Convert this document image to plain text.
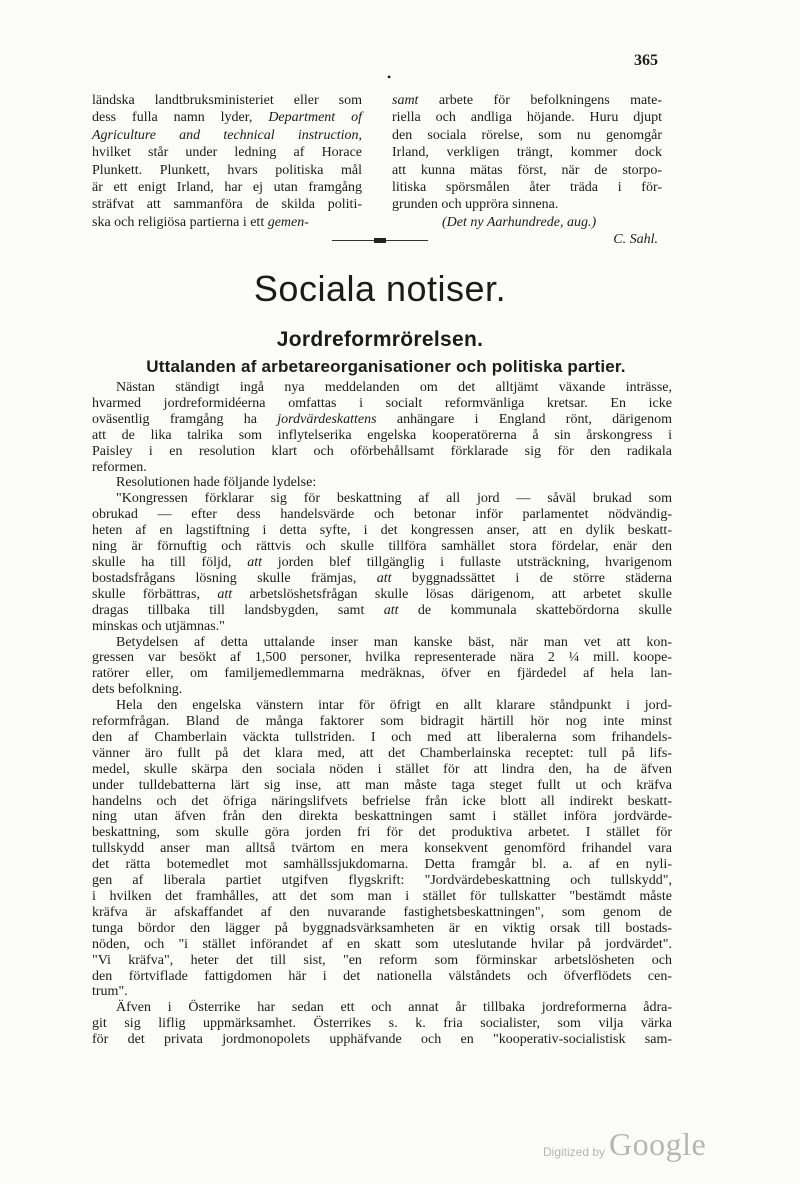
365
•
ländska landtbruksministeriet eller som
dess fulla namn lyder, Department of
Agriculture and technical instruction,
hvilket står under ledning af Horace
Plunkett. Plunkett, hvars politiska mål
är ett enigt Irland, har ej utan framgång
sträfvat att sammanföra de skilda politi-
ska och religiösa partierna i ett gemen-
samt arbete för befolkningens mate-
riella och andliga höjande. Huru djupt
den sociala rörelse, som nu genomgår
Irland, verkligen trängt, kommer dock
att kunna mätas först, när de storpo-
litiska spörsmålen åter träda i för-
grunden och uppröra sinnena.
(Det ny Aarhundrede, aug.)
C. Sahl.
Sociala notiser.
Jordreformrörelsen.
Uttalanden af arbetareorganisationer och politiska partier.
Nästan ständigt ingå nya meddelanden om det alltjämt växande inträsse,
hvarmed jordreformidéerna omfattas i socialt reformvänliga kretsar. En icke
oväsentlig framgång ha jordvärdeskattens anhängare i England rönt, därigenom
att de lika talrika som inflytelserika engelska kooperatörerna å sin årskongress i
Paisley i en resolution klart och oförbehållsamt förklarade sig för den radikala
reformen.
Resolutionen hade följande lydelse:
"Kongressen förklarar sig för beskattning af all jord — såväl brukad som
obrukad — efter dess handelsvärde och betonar inför parlamentet nödvändig-
heten af en lagstiftning i detta syfte, i det kongressen anser, att en dylik beskatt-
ning är förnuftig och rättvis och skulle tillföra samhället stora fördelar, enär den
skulle ha till följd, att jorden blef tillgänglig i fullaste utsträckning, hvarigenom
bostadsfrågans lösning skulle främjas, att byggnadssättet i de större städerna
skulle förbättras, att arbetslöshetsfrågan skulle lösas därigenom, att arbetet skulle
dragas tillbaka till landsbygden, samt att de kommunala skattebördorna skulle
minskas och utjämnas."
Betydelsen af detta uttalande inser man kanske bäst, när man vet att kon-
gressen var besökt af 1,500 personer, hvilka representerade nära 2 ¼ mill. koope-
ratörer eller, om familjemedlemmarna medräknas, öfver en fjärdedel af hela lan-
dets befolkning.
Hela den engelska vänstern intar för öfrigt en allt klarare ståndpunkt i jord-
reformfrågan. Bland de många faktorer som bidragit härtill hör nog inte minst
den af Chamberlain väckta tullstriden. I och med att liberalerna som frihandels-
vänner äro fullt på det klara med, att det Chamberlainska receptet: tull på lifs-
medel, skulle skärpa den sociala nöden i stället för att lindra den, ha de äfven
under tulldebatterna lärt sig inse, att man måste taga steget fullt ut och kräfva
handelns och det öfriga näringslifvets befrielse från icke blott all indirekt beskatt-
ning utan äfven från den direkta beskattningen samt i stället införa jordvärde-
beskattning, som skulle göra jorden fri för det produktiva arbetet. I stället för
tullskydd anser man alltså tvärtom en mera konsekvent genomförd frihandel vara
det rätta botemedlet mot samhällssjukdomarna. Detta framgår bl. a. af en nyli-
gen af liberala partiet utgifven flygskrift: "Jordvärdebeskattning och tullskydd",
i hvilken det framhålles, att det som man i stället för tullskatter "bestämdt måste
kräfva är afskaffandet af den nuvarande fastighetsbeskattningen", som genom de
tunga bördor den lägger på byggnadsvärksamheten är en viktig orsak till bostads-
nöden, och "i stället införandet af en skatt som uteslutande hvilar på jordvärdet".
"Vi kräfva", heter det till sist, "en reform som förminskar arbetslösheten och
den förtviflade fattigdomen här i det nationella välståndets och öfverflödets cen-
trum".
Äfven i Österrike har sedan ett och annat år tillbaka jordreformerna ådra-
git sig liflig uppmärksamhet. Österrikes s. k. fria socialister, som vilja värka
för det privata jordmonopolets upphäfvande och en "kooperativ-socialistisk sam-
Digitized by Google
